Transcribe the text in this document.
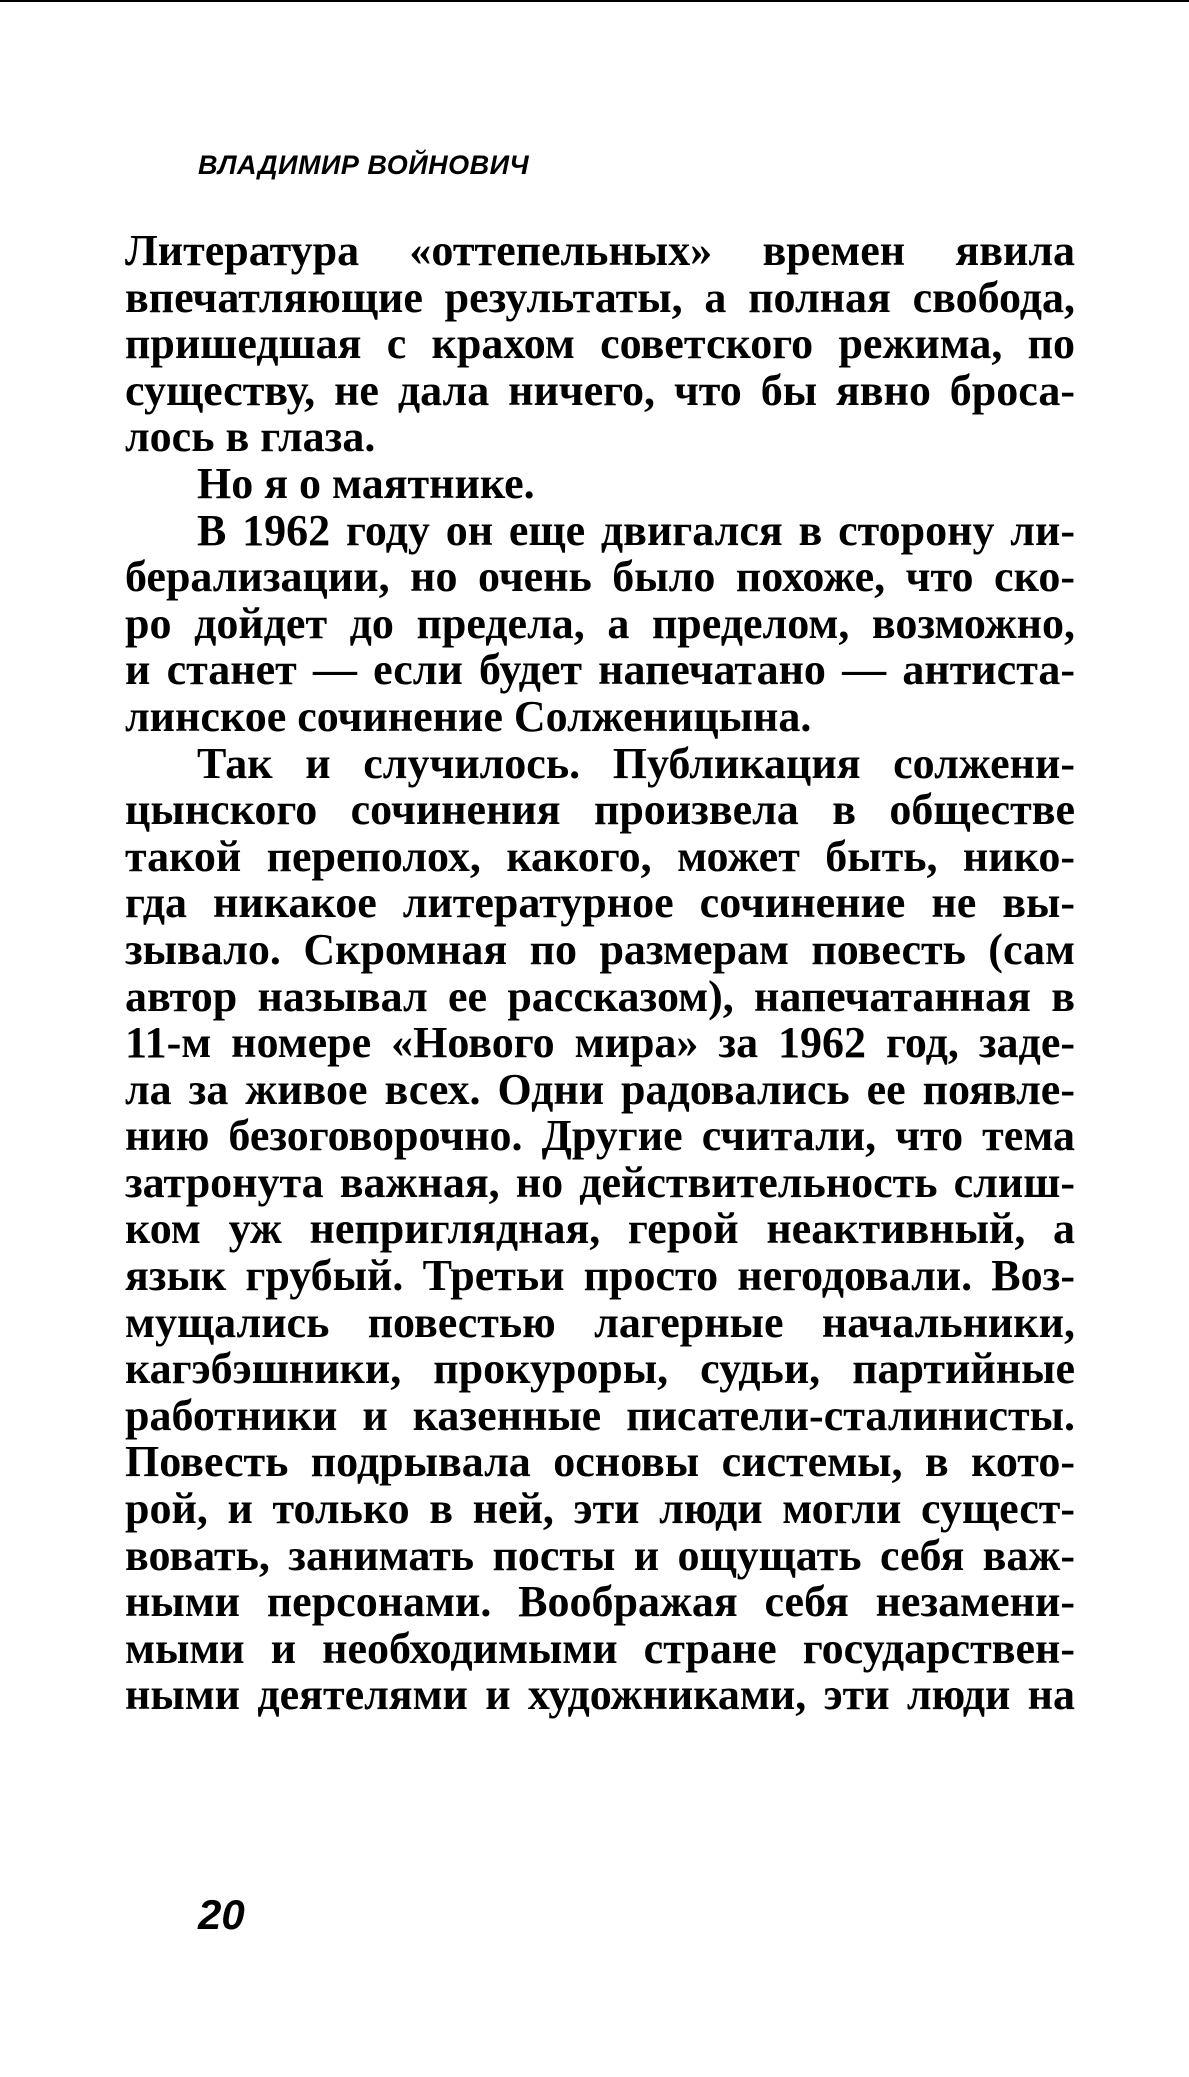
ВЛАДИМИР ВОЙНОВИЧ
Литература «оттепельных» времен явила
впечатляющие результаты, а полная свобода,
пришедшая с крахом советского режима, по
существу, не дала ничего, что бы явно броса-
лось в глаза.
Но я о маятнике.
В 1962 году он еще двигался в сторону ли-
берализации, но очень было похоже, что ско-
ро дойдет до предела, а пределом, возможно,
и станет — если будет напечатано — антиста-
линское сочинение Солженицына.
Так и случилось. Публикация солжени-
цынского сочинения произвела в обществе
такой переполох, какого, может быть, нико-
гда никакое литературное сочинение не вы-
зывало. Скромная по размерам повесть (сам
автор называл ее рассказом), напечатанная в
11-м номере «Нового мира» за 1962 год, заде-
ла за живое всех. Одни радовались ее появле-
нию безоговорочно. Другие считали, что тема
затронута важная, но действительность слиш-
ком уж неприглядная, герой неактивный, а
язык грубый. Третьи просто негодовали. Воз-
мущались повестью лагерные начальники,
кагэбэшники, прокуроры, судьи, партийные
работники и казенные писатели-сталинисты.
Повесть подрывала основы системы, в кото-
рой, и только в ней, эти люди могли сущест-
вовать, занимать посты и ощущать себя важ-
ными персонами. Воображая себя незамени-
мыми и необходимыми стране государствен-
ными деятелями и художниками, эти люди на
20
